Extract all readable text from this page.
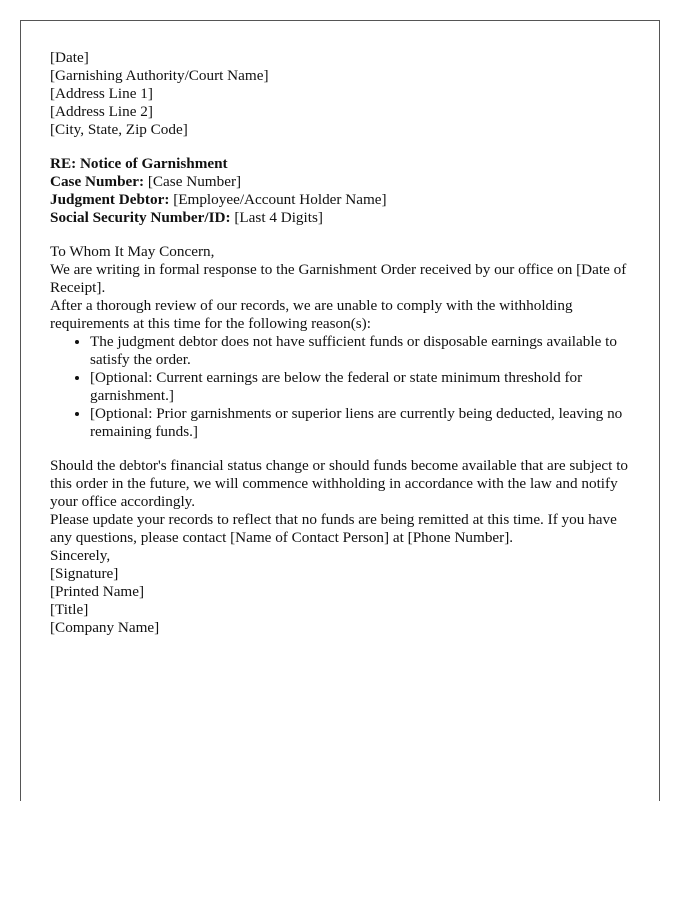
[Date]

[Garnishing Authority/Court Name]
[Address Line 1]
[Address Line 2]
[City, State, Zip Code]
RE: Notice of Garnishment
Case Number: [Case Number]
Judgment Debtor: [Employee/Account Holder Name]
Social Security Number/ID: [Last 4 Digits]

To Whom It May Concern,

We are writing in formal response to the Garnishment Order received by our office on [Date of Receipt].

After a thorough review of our records, we are unable to comply with the withholding requirements at this time for the following reason(s):

• The judgment debtor does not have sufficient funds or disposable earnings available to satisfy the order.
• [Optional: Current earnings are below the federal or state minimum threshold for garnishment.]
• [Optional: Prior garnishments or superior liens are currently being deducted, leaving no remaining funds.]

Should the debtor's financial status change or should funds become available that are subject to this order in the future, we will commence withholding in accordance with the law and notify your office accordingly.

Please update your records to reflect that no funds are being remitted at this time. If you have any questions, please contact [Name of Contact Person] at [Phone Number].

Sincerely,

[Signature]

[Printed Name]
[Title]
[Company Name]
